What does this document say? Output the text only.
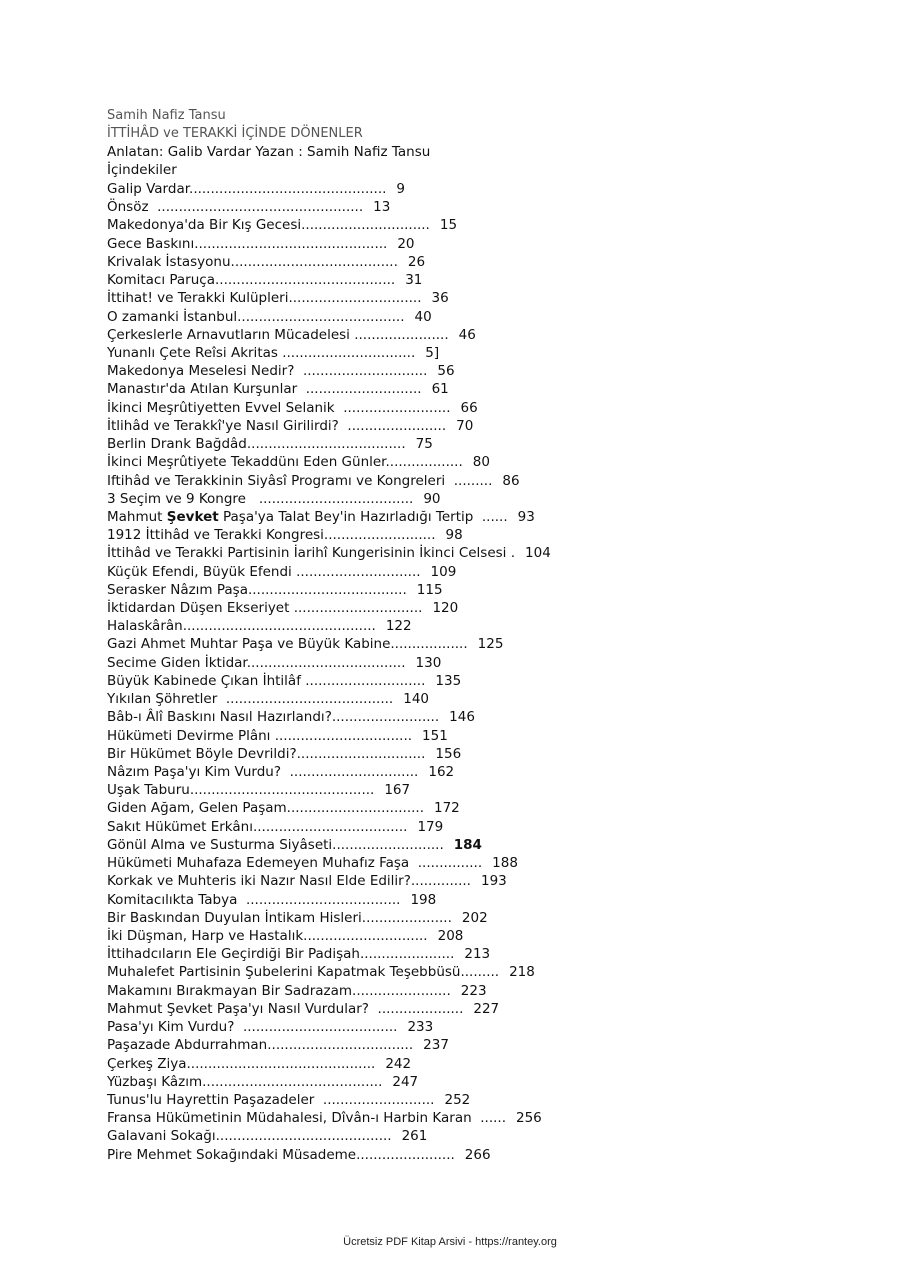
Samih Nafiz Tansu
İTTİHÂD ve TERAKKİ İÇİNDE DÖNENLER
Anlatan: Galib Vardar Yazan : Samih Nafiz Tansu
İçindekiler
Galip Vardar.............................................. 9
Önsöz  ................................................ 13
Makedonya'da Bir Kış Gecesi.............................. 15
Gece Baskını............................................. 20
Krivalak İstasyonu....................................... 26
Komitacı Paruça.......................................... 31
İttihat! ve Terakki Kulüpleri............................... 36
O zamanki İstanbul....................................... 40
Çerkeslerle Arnavutların Mücadelesi ...................... 46
Yunanlı Çete Reîsi Akritas ............................... 5]
Makedonya Meselesi Nedir?  ............................. 56
Manastır'da Atılan Kurşunlar  ........................... 61
İkinci Meşrûtiyetten Evvel Selanik  ......................... 66
İtlihâd ve Terakkî'ye Nasıl Girilirdi?  ....................... 70
Berlin Drank Bağdâd..................................... 75
İkinci Meşrûtiyete Tekaddünı Eden Günler.................. 80
Iftihâd ve Terakkinin Siyâsî Programı ve Kongreleri  ......... 86
3 Seçim ve 9 Kongre   .................................... 90
Mahmut Şevket Paşa'ya Talat Bey'in Hazırladığı Tertip  ...... 93
1912 İttihâd ve Terakki Kongresi.......................... 98
İttihâd ve Terakki Partisinin İarihî Kungerisinin İkinci Celsesi . 104
Küçük Efendi, Büyük Efendi ............................. 109
Serasker Nâzım Paşa..................................... 115
İktidardan Düşen Ekseriyet .............................. 120
Halaskârân............................................. 122
Gazi Ahmet Muhtar Paşa ve Büyük Kabine.................. 125
Secime Giden İktidar..................................... 130
Büyük Kabinede Çıkan İhtilâf ............................ 135
Yıkılan Şöhretler  ....................................... 140
Bâb-ı Âlî Baskını Nasıl Hazırlandı?......................... 146
Hükümeti Devirme Plânı ................................ 151
Bir Hükümet Böyle Devrildi?.............................. 156
Nâzım Paşa'yı Kim Vurdu?  .............................. 162
Uşak Taburu........................................... 167
Giden Ağam, Gelen Paşam................................ 172
Sakıt Hükümet Erkânı.................................... 179
Gönül Alma ve Susturma Siyâseti.......................... 184
Hükümeti Muhafaza Edemeyen Muhafız Faşa  ............... 188
Korkak ve Muhteris iki Nazır Nasıl Elde Edilir?.............. 193
Komitacılıkta Tabya  .................................... 198
Bir Baskından Duyulan İntikam Hisleri..................... 202
İki Düşman, Harp ve Hastalık............................. 208
İttihadcıların Ele Geçirdiği Bir Padişah...................... 213
Muhalefet Partisinin Şubelerini Kapatmak Teşebbüsü......... 218
Makamını Bırakmayan Bir Sadrazam....................... 223
Mahmut Şevket Paşa'yı Nasıl Vurdular?  .................... 227
Pasa'yı Kim Vurdu?  .................................... 233
Paşazade Abdurrahman.................................. 237
Çerkeş Ziya............................................ 242
Yüzbaşı Kâzım.......................................... 247
Tunus'lu Hayrettin Paşazadeler  .......................... 252
Fransa Hükümetinin Müdahalesi, Dîvân-ı Harbin Karan  ...... 256
Galavani Sokağı......................................... 261
Pire Mehmet Sokağındaki Müsademe....................... 266
Ücretsiz PDF Kitap Arsivi - https://rantey.org
